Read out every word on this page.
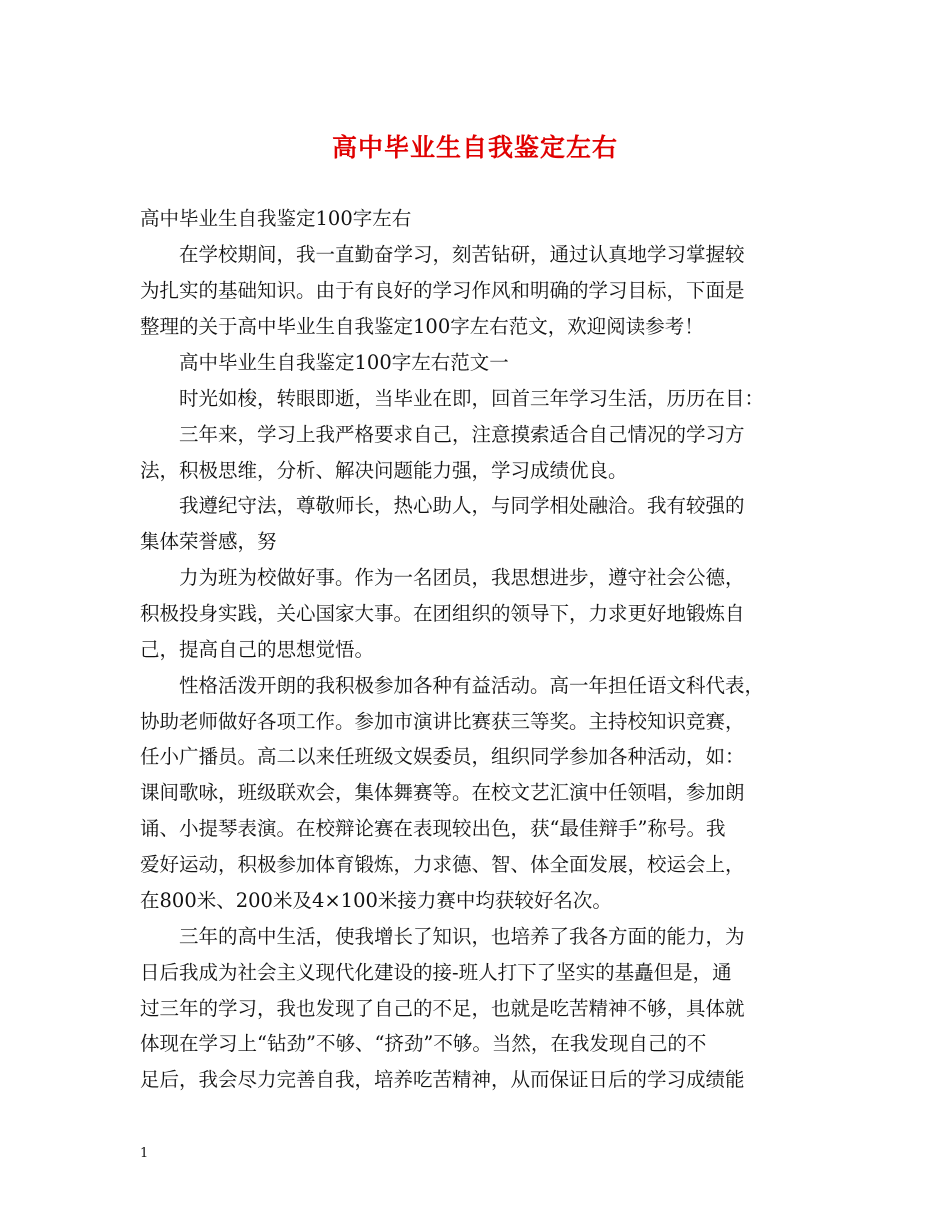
高中毕业生自我鉴定左右
高中毕业生自我鉴定100字左右
　　在学校期间，我一直勤奋学习，刻苦钻研，通过认真地学习掌握较
为扎实的基础知识。由于有良好的学习作风和明确的学习目标，下面是
整理的关于高中毕业生自我鉴定100字左右范文，欢迎阅读参考！
　　高中毕业生自我鉴定100字左右范文一
　　时光如梭，转眼即逝，当毕业在即，回首三年学习生活，历历在目：
　　三年来，学习上我严格要求自己，注意摸索适合自己情况的学习方
法，积极思维，分析、解决问题能力强，学习成绩优良。
　　我遵纪守法，尊敬师长，热心助人，与同学相处融洽。我有较强的
集体荣誉感，努
　　力为班为校做好事。作为一名团员，我思想进步，遵守社会公德，
积极投身实践，关心国家大事。在团组织的领导下，力求更好地锻炼自
己，提高自己的思想觉悟。
　　性格活泼开朗的我积极参加各种有益活动。高一年担任语文科代表，
协助老师做好各项工作。参加市演讲比赛获三等奖。主持校知识竞赛，
任小广播员。高二以来任班级文娱委员，组织同学参加各种活动，如：
课间歌咏，班级联欢会，集体舞赛等。在校文艺汇演中任领唱，参加朗
诵、小提琴表演。在校辩论赛在表现较出色，获“最佳辩手”称号。我
爱好运动，积极参加体育锻炼，力求德、智、体全面发展，校运会上，
在800米、200米及4×100米接力赛中均获较好名次。
　　三年的高中生活，使我增长了知识，也培养了我各方面的能力，为
日后我成为社会主义现代化建设的接-班人打下了坚实的基矗但是，通
过三年的学习，我也发现了自己的不足，也就是吃苦精神不够，具体就
体现在学习上“钻劲”不够、“挤劲”不够。当然，在我发现自己的不
足后，我会尽力完善自我，培养吃苦精神，从而保证日后的学习成绩能
1
